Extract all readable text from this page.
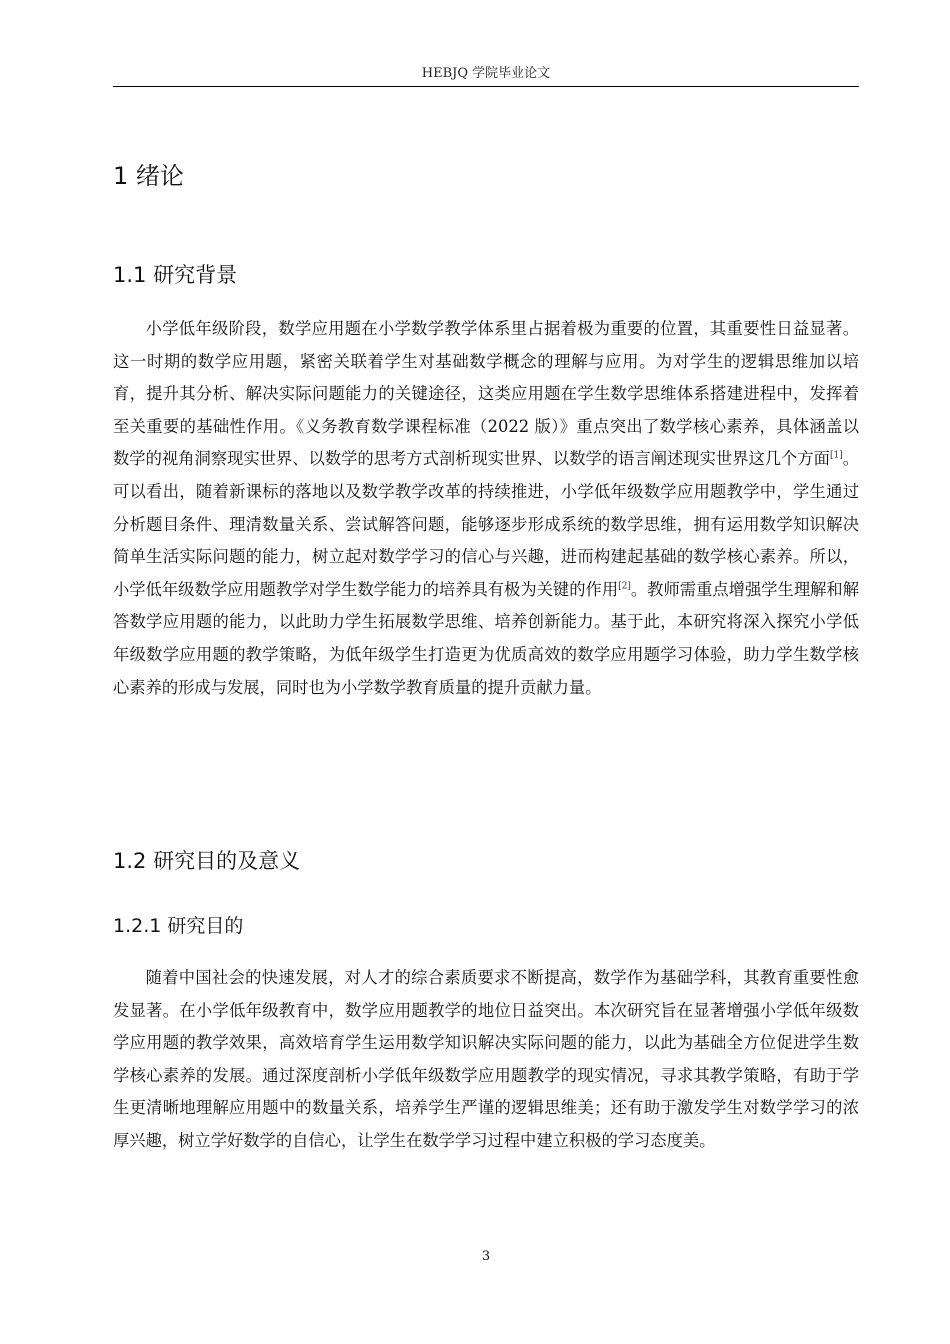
HEBJQ 学院毕业论文
1 绪论
1.1 研究背景

小学低年级阶段，数学应用题在小学数学教学体系里占据着极为重要的位置，其重要性日益显著。这一时期的数学应用题，紧密关联着学生对基础数学概念的理解与应用。为对学生的逻辑思维加以培育，提升其分析、解决实际问题能力的关键途径，这类应用题在学生数学思维体系搭建进程中，发挥着至关重要的基础性作用。《义务教育数学课程标准（2022 版）》重点突出了数学核心素养，具体涵盖以数学的视角洞察现实世界、以数学的思考方式剖析现实世界、以数学的语言阐述现实世界这几个方面[1]。可以看出，随着新课标的落地以及数学教学改革的持续推进，小学低年级数学应用题教学中，学生通过分析题目条件、理清数量关系、尝试解答问题，能够逐步形成系统的数学思维，拥有运用数学知识解决简单生活实际问题的能力，树立起对数学学习的信心与兴趣，进而构建起基础的数学核心素养。所以，小学低年级数学应用题教学对学生数学能力的培养具有极为关键的作用[2]。教师需重点增强学生理解和解答数学应用题的能力，以此助力学生拓展数学思维、培养创新能力。基于此，本研究将深入探究小学低年级数学应用题的教学策略，为低年级学生打造更为优质高效的数学应用题学习体验，助力学生数学核心素养的形成与发展，同时也为小学数学教育质量的提升贡献力量。

1.2 研究目的及意义
1.2.1 研究目的

随着中国社会的快速发展，对人才的综合素质要求不断提高，数学作为基础学科，其教育重要性愈发显著。在小学低年级教育中，数学应用题教学的地位日益突出。本次研究旨在显著增强小学低年级数学应用题的教学效果，高效培育学生运用数学知识解决实际问题的能力，以此为基础全方位促进学生数学核心素养的发展。通过深度剖析小学低年级数学应用题教学的现实情况，寻求其教学策略，有助于学生更清晰地理解应用题中的数量关系，培养学生严谨的逻辑思维美；还有助于激发学生对数学学习的浓厚兴趣，树立学好数学的自信心，让学生在数学学习过程中建立积极的学习态度美。

3
